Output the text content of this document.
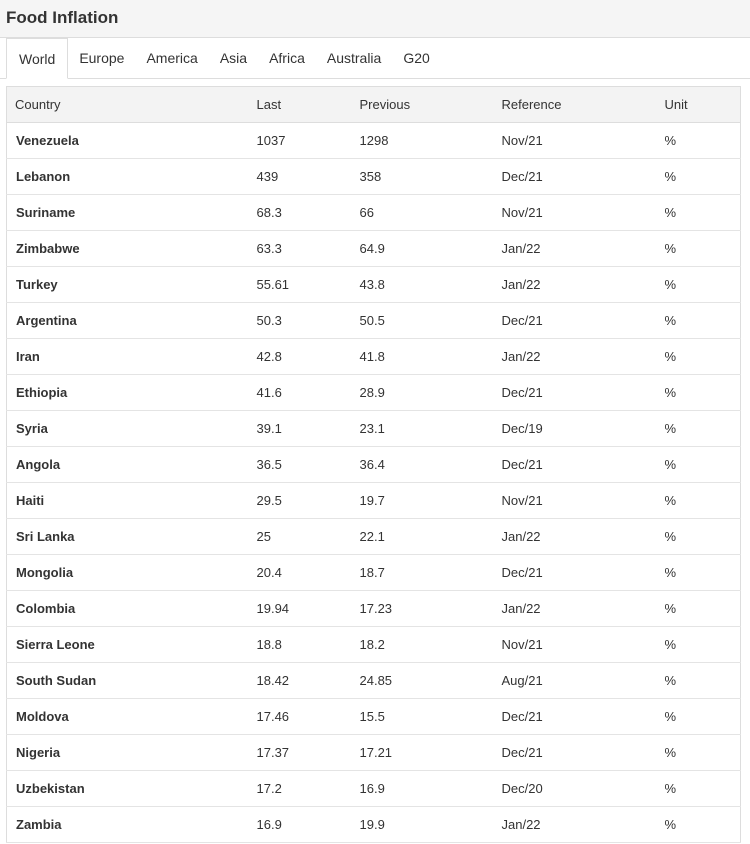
Food Inflation
World	Europe	America	Asia	Africa	Australia	G20
Country	Last	Previous	Reference	Unit
Venezuela	1037	1298	Nov/21	%
Lebanon	439	358	Dec/21	%
Suriname	68.3	66	Nov/21	%
Zimbabwe	63.3	64.9	Jan/22	%
Turkey	55.61	43.8	Jan/22	%
Argentina	50.3	50.5	Dec/21	%
Iran	42.8	41.8	Jan/22	%
Ethiopia	41.6	28.9	Dec/21	%
Syria	39.1	23.1	Dec/19	%
Angola	36.5	36.4	Dec/21	%
Haiti	29.5	19.7	Nov/21	%
Sri Lanka	25	22.1	Jan/22	%
Mongolia	20.4	18.7	Dec/21	%
Colombia	19.94	17.23	Jan/22	%
Sierra Leone	18.8	18.2	Nov/21	%
South Sudan	18.42	24.85	Aug/21	%
Moldova	17.46	15.5	Dec/21	%
Nigeria	17.37	17.21	Dec/21	%
Uzbekistan	17.2	16.9	Dec/20	%
Zambia	16.9	19.9	Jan/22	%
